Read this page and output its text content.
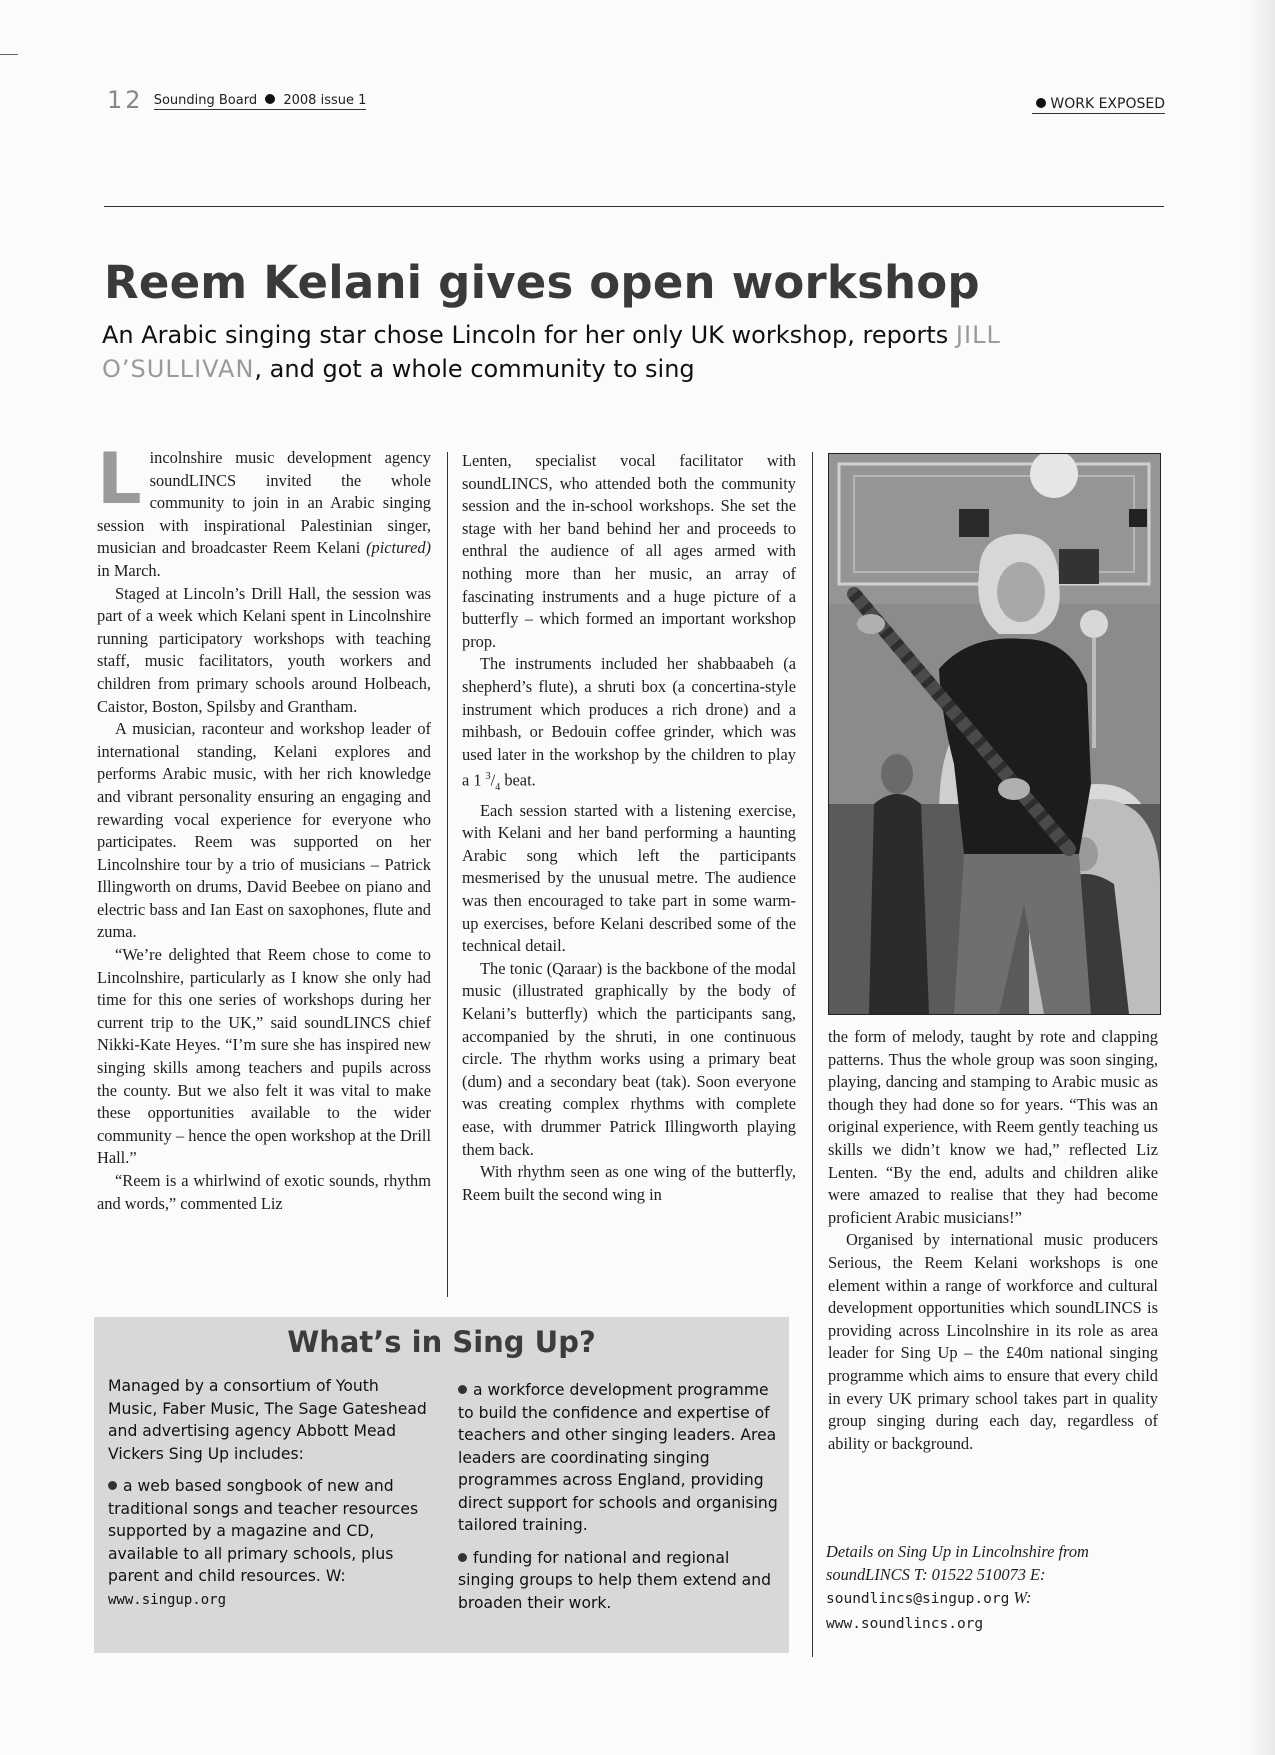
12 Sounding Board 2008 issue 1	WORK EXPOSED
Reem Kelani gives open workshop

An Arabic singing star chose Lincoln for her only UK workshop, reports JILL O’SULLIVAN, and got a whole community to sing

Lincolnshire music development agency soundLINCS invited the whole community to join in an Arabic singing session with inspirational Palestinian singer, musician and broadcaster Reem Kelani (pictured) in March.

Staged at Lincoln’s Drill Hall, the session was part of a week which Kelani spent in Lincolnshire running participatory workshops with teaching staff, music facilitators, youth workers and children from primary schools around Holbeach, Caistor, Boston, Spilsby and Grantham.

A musician, raconteur and workshop leader of international standing, Kelani explores and performs Arabic music, with her rich knowledge and vibrant personality ensuring an engaging and rewarding vocal experience for everyone who participates. Reem was supported on her Lincolnshire tour by a trio of musicians – Patrick Illingworth on drums, David Beebee on piano and electric bass and Ian East on saxophones, flute and zuma.

“We’re delighted that Reem chose to come to Lincolnshire, particularly as I know she only had time for this one series of workshops during her current trip to the UK,” said soundLINCS chief Nikki-Kate Heyes. “I’m sure she has inspired new singing skills among teachers and pupils across the county. But we also felt it was vital to make these opportunities available to the wider community – hence the open workshop at the Drill Hall.”

“Reem is a whirlwind of exotic sounds, rhythm and words,” commented Liz

Lenten, specialist vocal facilitator with soundLINCS, who attended both the community session and the in-school workshops. She set the stage with her band behind her and proceeds to enthral the audience of all ages armed with nothing more than her music, an array of fascinating instruments and a huge picture of a butterfly – which formed an important workshop prop.

The instruments included her shabbaabeh (a shepherd’s flute), a shruti box (a concertina-style instrument which produces a rich drone) and a mihbash, or Bedouin coffee grinder, which was used later in the workshop by the children to play a 1 $^3/_4$ beat.

Each session started with a listening exercise, with Kelani and her band performing a haunting Arabic song which left the participants mesmerised by the unusual metre. The audience was then encouraged to take part in some warm-up exercises, before Kelani described some of the technical detail.

The tonic (Qaraar) is the backbone of the modal music (illustrated graphically by the body of Kelani’s butterfly) which the participants sang, accompanied by the shruti, in one continuous circle. The rhythm works using a primary beat (dum) and a secondary beat (tak). Soon everyone was creating complex rhythms with complete ease, with drummer Patrick Illingworth playing them back.

With rhythm seen as one wing of the butterfly, Reem built the second wing in

the form of melody, taught by rote and clapping patterns. Thus the whole group was soon singing, playing, dancing and stamping to Arabic music as though they had done so for years. “This was an original experience, with Reem gently teaching us skills we didn’t know we had,” reflected Liz Lenten. “By the end, adults and children alike were amazed to realise that they had become proficient Arabic musicians!”

Organised by international music producers Serious, the Reem Kelani workshops is one element within a range of workforce and cultural development opportunities which soundLINCS is providing across Lincolnshire in its role as area leader for Sing Up – the £40m national singing programme which aims to ensure that every child in every UK primary school takes part in quality group singing during each day, regardless of ability or background.

Details on Sing Up in Lincolnshire from soundLINCS T: 01522 510073 E: soundlincs@singup.org W: www.soundlincs.org
What’s in Sing Up?

Managed by a consortium of Youth Music, Faber Music, The Sage Gateshead and advertising agency Abbott Mead Vickers Sing Up includes:

a web based songbook of new and traditional songs and teacher resources supported by a magazine and CD, available to all primary schools, plus parent and child resources. W: www.singup.org

a workforce development programme to build the confidence and expertise of teachers and other singing leaders. Area leaders are coordinating singing programmes across England, providing direct support for schools and organising tailored training.

funding for national and regional singing groups to help them extend and broaden their work.
